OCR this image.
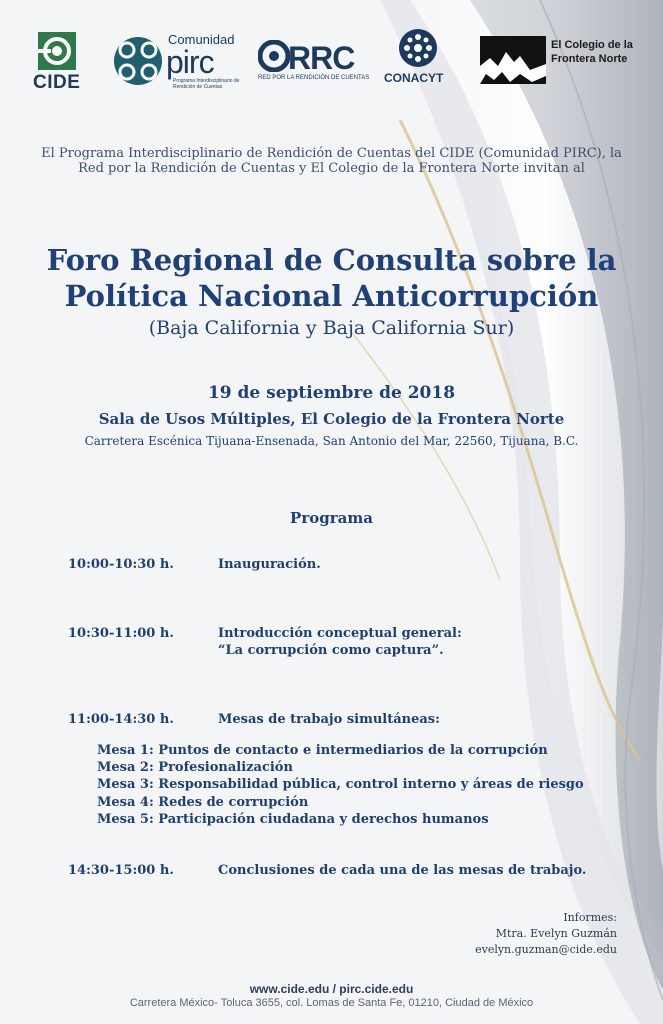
CIDE
Comunidad
pirc
Programa Interdisciplinario de Rendición de Cuentas
RRC
RED POR LA RENDICIÓN DE CUENTAS CONACYT
El Colegio de la Frontera Norte
El Programa Interdisciplinario de Rendición de Cuentas del CIDE (Comunidad PIRC), la Red por la Rendición de Cuentas y El Colegio de la Frontera Norte invitan al
Foro Regional de Consulta sobre la
Política Nacional Anticorrupción
(Baja California y Baja California Sur)
19 de septiembre de 2018
Sala de Usos Múltiples, El Colegio de la Frontera Norte
Carretera Escénica Tijuana-Ensenada, San Antonio del Mar, 22560, Tijuana, B.C.
Programa
10:00-10:30 h.	Inauguración.
10:30-11:00 h.	Introducción conceptual general:
“La corrupción como captura”.
11:00-14:30 h.	Mesas de trabajo simultáneas:
Mesa 1: Puntos de contacto e intermediarios de la corrupción
Mesa 2: Profesionalización
Mesa 3: Responsabilidad pública, control interno y áreas de riesgo
Mesa 4: Redes de corrupción
Mesa 5: Participación ciudadana y derechos humanos
14:30-15:00 h.	Conclusiones de cada una de las mesas de trabajo.
Informes:
Mtra. Evelyn Guzmán
evelyn.guzman@cide.edu
www.cide.edu / pirc.cide.edu
Carretera México- Toluca 3655, col. Lomas de Santa Fe, 01210, Ciudad de México
